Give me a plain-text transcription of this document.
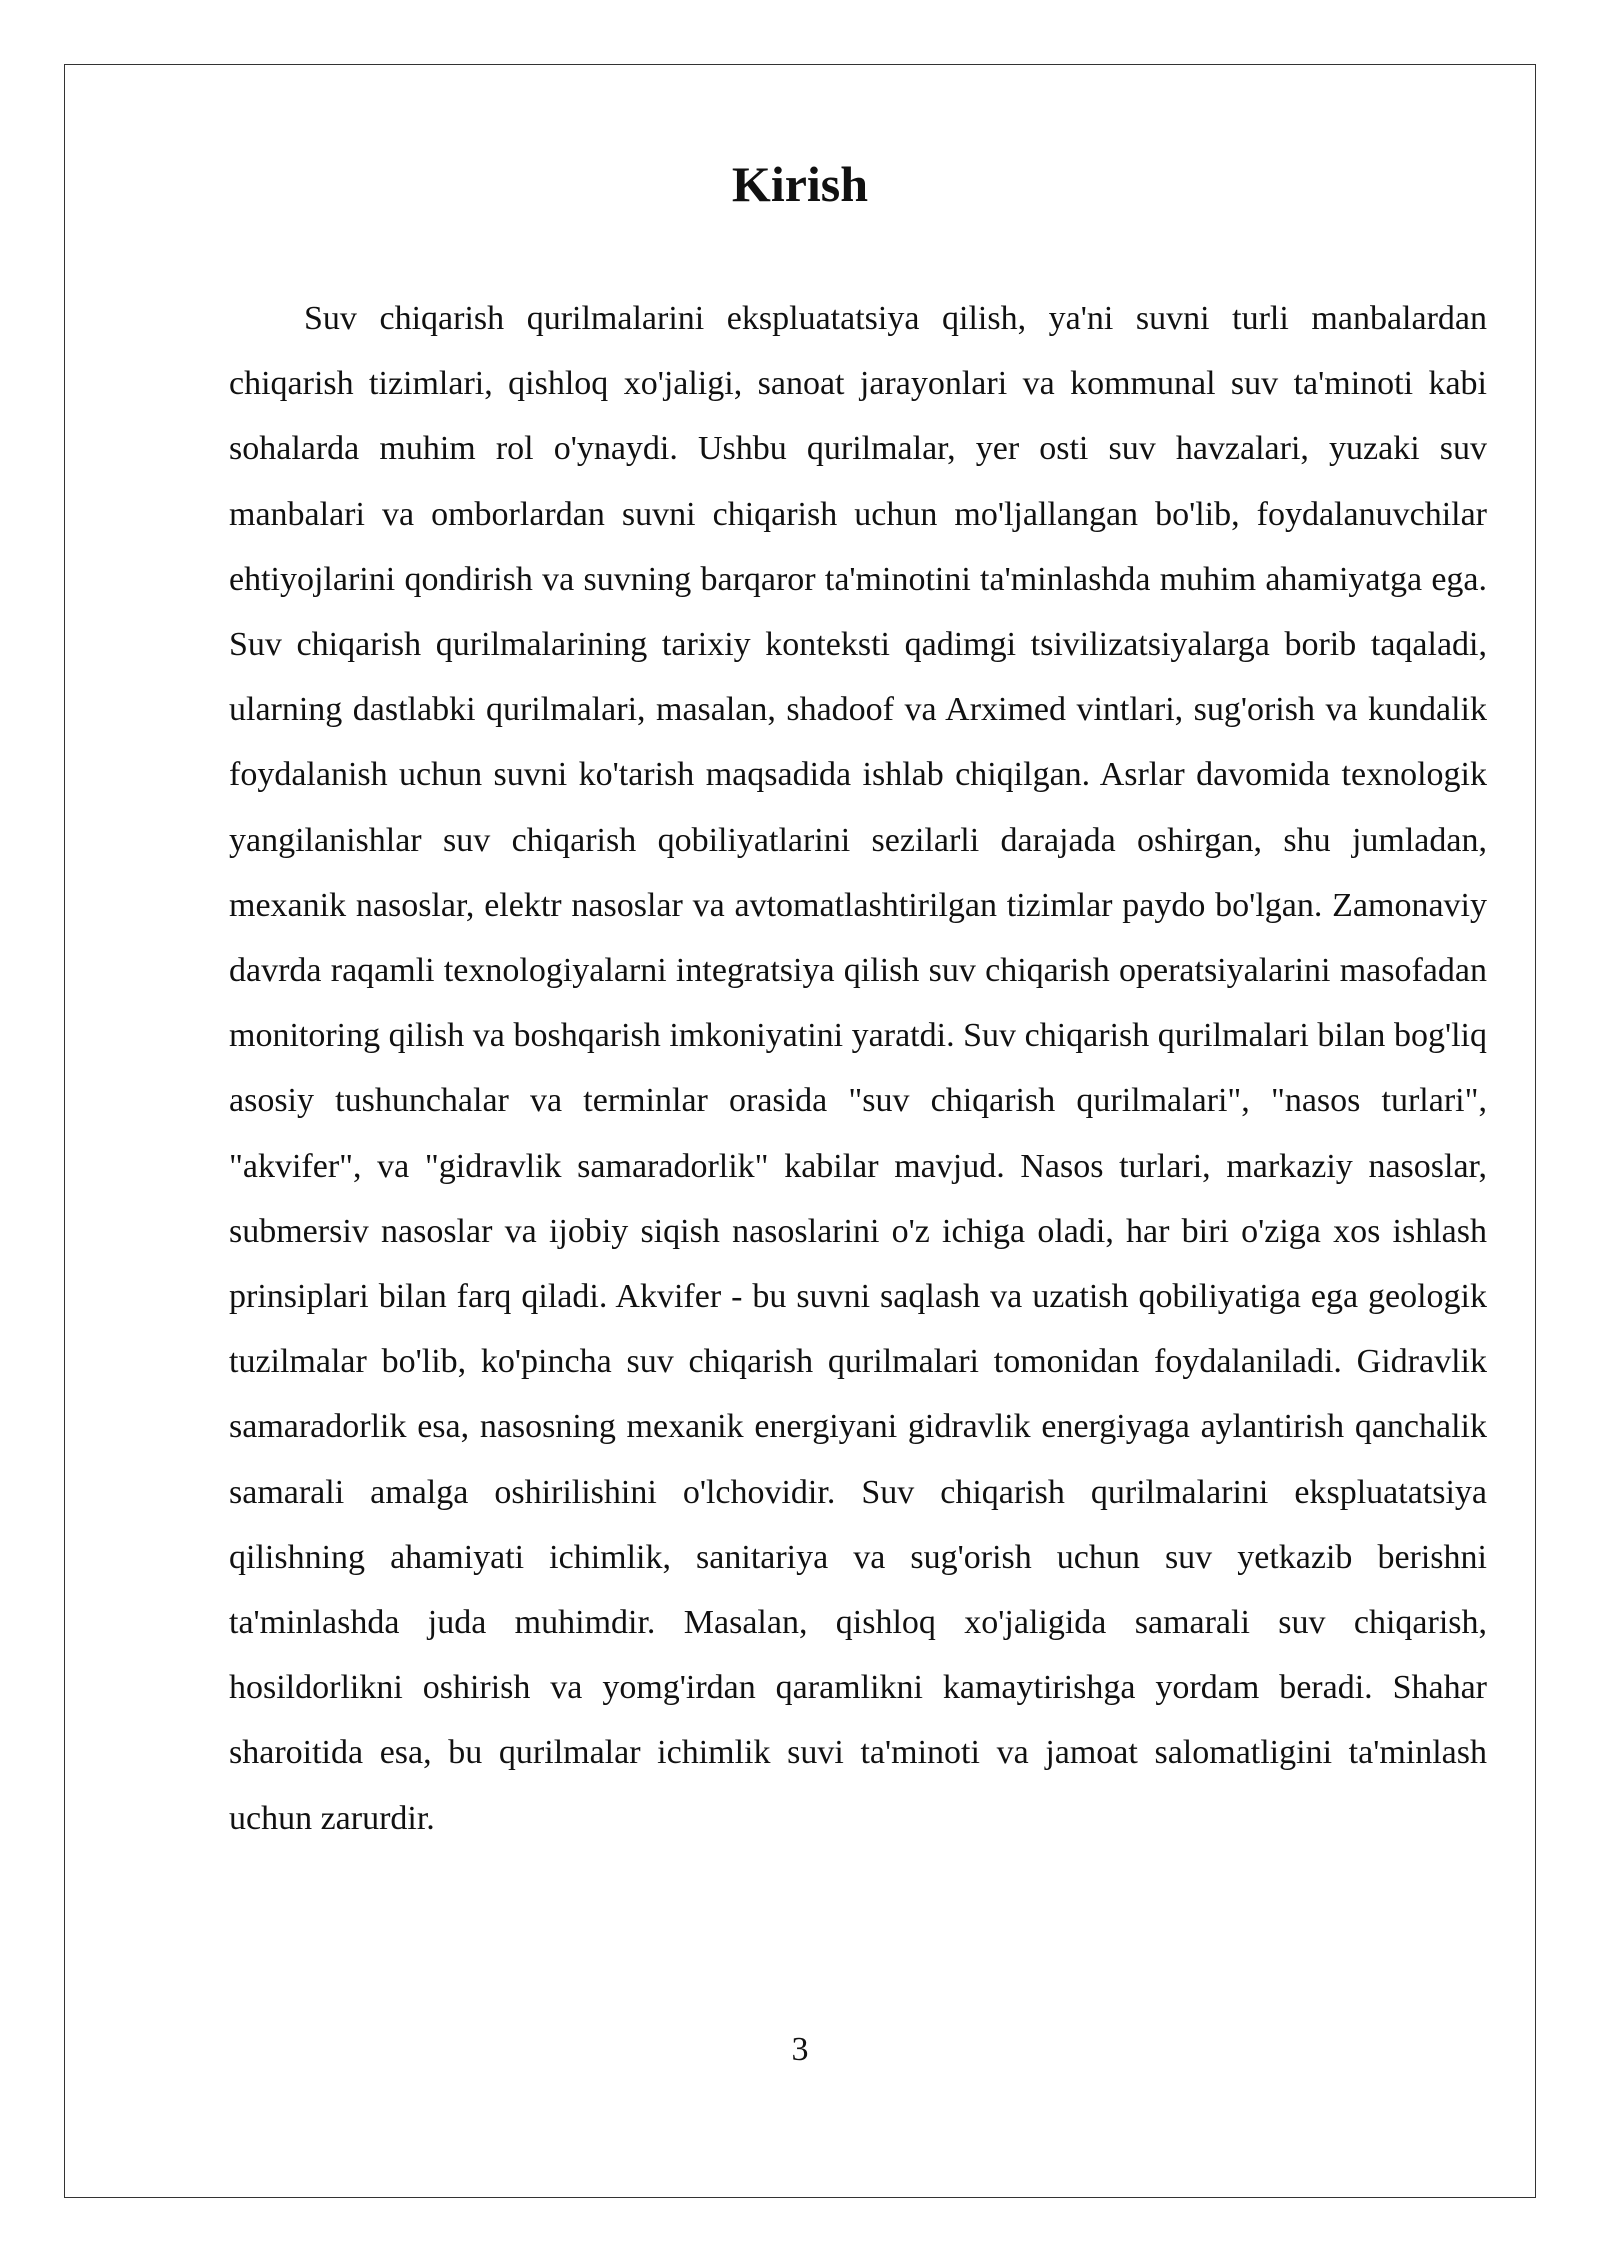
Kirish

Suv chiqarish qurilmalarini ekspluatatsiya qilish, ya'ni suvni turli manbalardan chiqarish tizimlari, qishloq xo'jaligi, sanoat jarayonlari va kommunal suv ta'minoti kabi sohalarda muhim rol o'ynaydi. Ushbu qurilmalar, yer osti suv havzalari, yuzaki suv manbalari va omborlardan suvni chiqarish uchun mo'ljallangan bo'lib, foydalanuvchilar ehtiyojlarini qondirish va suvning barqaror ta'minotini ta'minlashda muhim ahamiyatga ega. Suv chiqarish qurilmalarining tarixiy konteksti qadimgi tsivilizatsiyalarga borib taqaladi, ularning dastlabki qurilmalari, masalan, shadoof va Arximed vintlari, sug'orish va kundalik foydalanish uchun suvni ko'tarish maqsadida ishlab chiqilgan. Asrlar davomida texnologik yangilanishlar suv chiqarish qobiliyatlarini sezilarli darajada oshirgan, shu jumladan, mexanik nasoslar, elektr nasoslar va avtomatlashtirilgan tizimlar paydo bo'lgan. Zamonaviy davrda raqamli texnologiyalarni integratsiya qilish suv chiqarish operatsiyalarini masofadan monitoring qilish va boshqarish imkoniyatini yaratdi. Suv chiqarish qurilmalari bilan bog'liq asosiy tushunchalar va terminlar orasida "suv chiqarish qurilmalari", "nasos turlari", "akvifer", va "gidravlik samaradorlik" kabilar mavjud. Nasos turlari, markaziy nasoslar, submersiv nasoslar va ijobiy siqish nasoslarini o'z ichiga oladi, har biri o'ziga xos ishlash prinsiplari bilan farq qiladi. Akvifer - bu suvni saqlash va uzatish qobiliyatiga ega geologik tuzilmalar bo'lib, ko'pincha suv chiqarish qurilmalari tomonidan foydalaniladi. Gidravlik samaradorlik esa, nasosning mexanik energiyani gidravlik energiyaga aylantirish qanchalik samarali amalga oshirilishini o'lchovidir. Suv chiqarish qurilmalarini ekspluatatsiya qilishning ahamiyati ichimlik, sanitariya va sug'orish uchun suv yetkazib berishni ta'minlashda juda muhimdir. Masalan, qishloq xo'jaligida samarali suv chiqarish, hosildorlikni oshirish va yomg'irdan qaramlikni kamaytirishga yordam beradi. Shahar sharoitida esa, bu qurilmalar ichimlik suvi ta'minoti va jamoat salomatligini ta'minlash uchun zarurdir.

3
